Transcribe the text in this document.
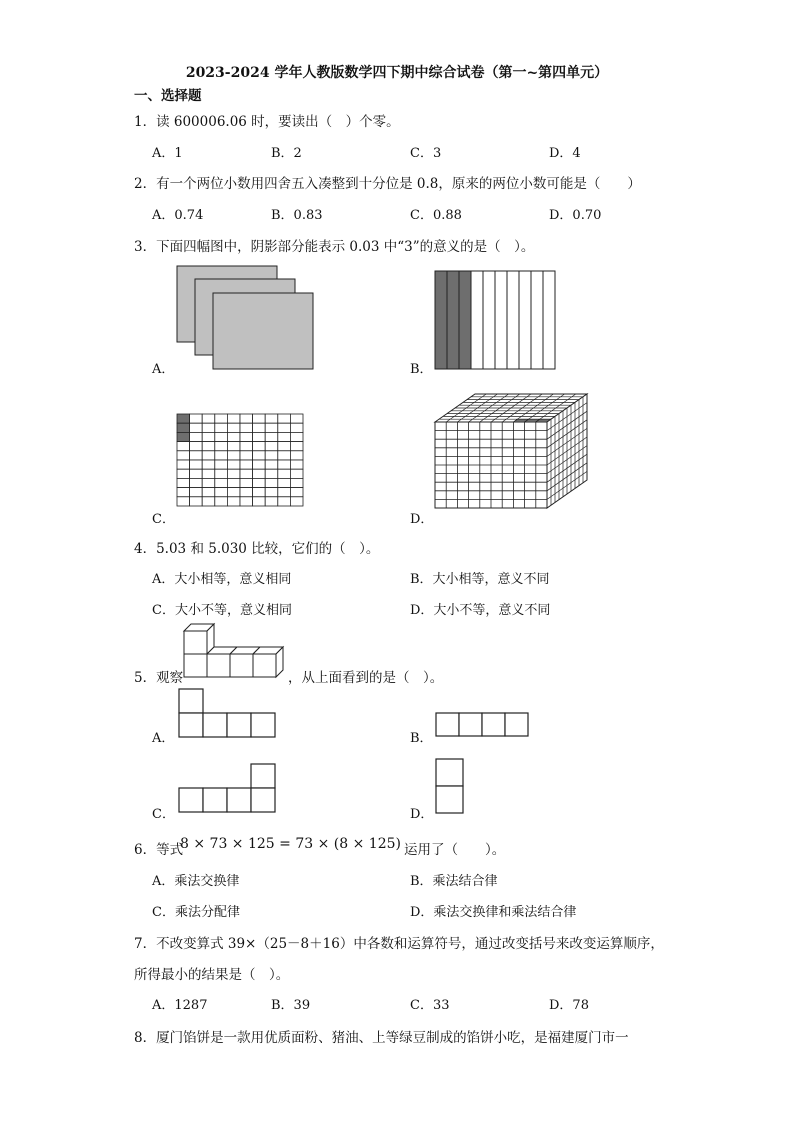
2023-2024 学年人教版数学四下期中综合试卷（第一~第四单元）
一、选择题
1．读 600006.06 时，要读出（　）个零。
A．1	B．2	C．3	D．4
2．有一个两位小数用四舍五入凑整到十分位是 0.8，原来的两位小数可能是（　　）
A．0.74	B．0.83	C．0.88	D．0.70
3．下面四幅图中，阴影部分能表示 0.03 中“3”的意义的是（　）。
A．	B．
C．	D．
4．5.03 和 5.030 比较，它们的（　）。
A．大小相等，意义相同	B．大小相等，意义不同
C．大小不等，意义相同	D．大小不等，意义不同
5．观察	，从上面看到的是（　）。
A．	B．
C．	D．
6．等式
8 × 73 × 125 = 73 × (8 × 125) 运用了（　　）。
A．乘法交换律	B．乘法结合律
C．乘法分配律	D．乘法交换律和乘法结合律
7．不改变算式 39×（25－8＋16）中各数和运算符号，通过改变括号来改变运算顺序，
所得最小的结果是（　）。
A．1287	B．39	C．33	D．78
8．厦门馅饼是一款用优质面粉、猪油、上等绿豆制成的馅饼小吃，是福建厦门市一
